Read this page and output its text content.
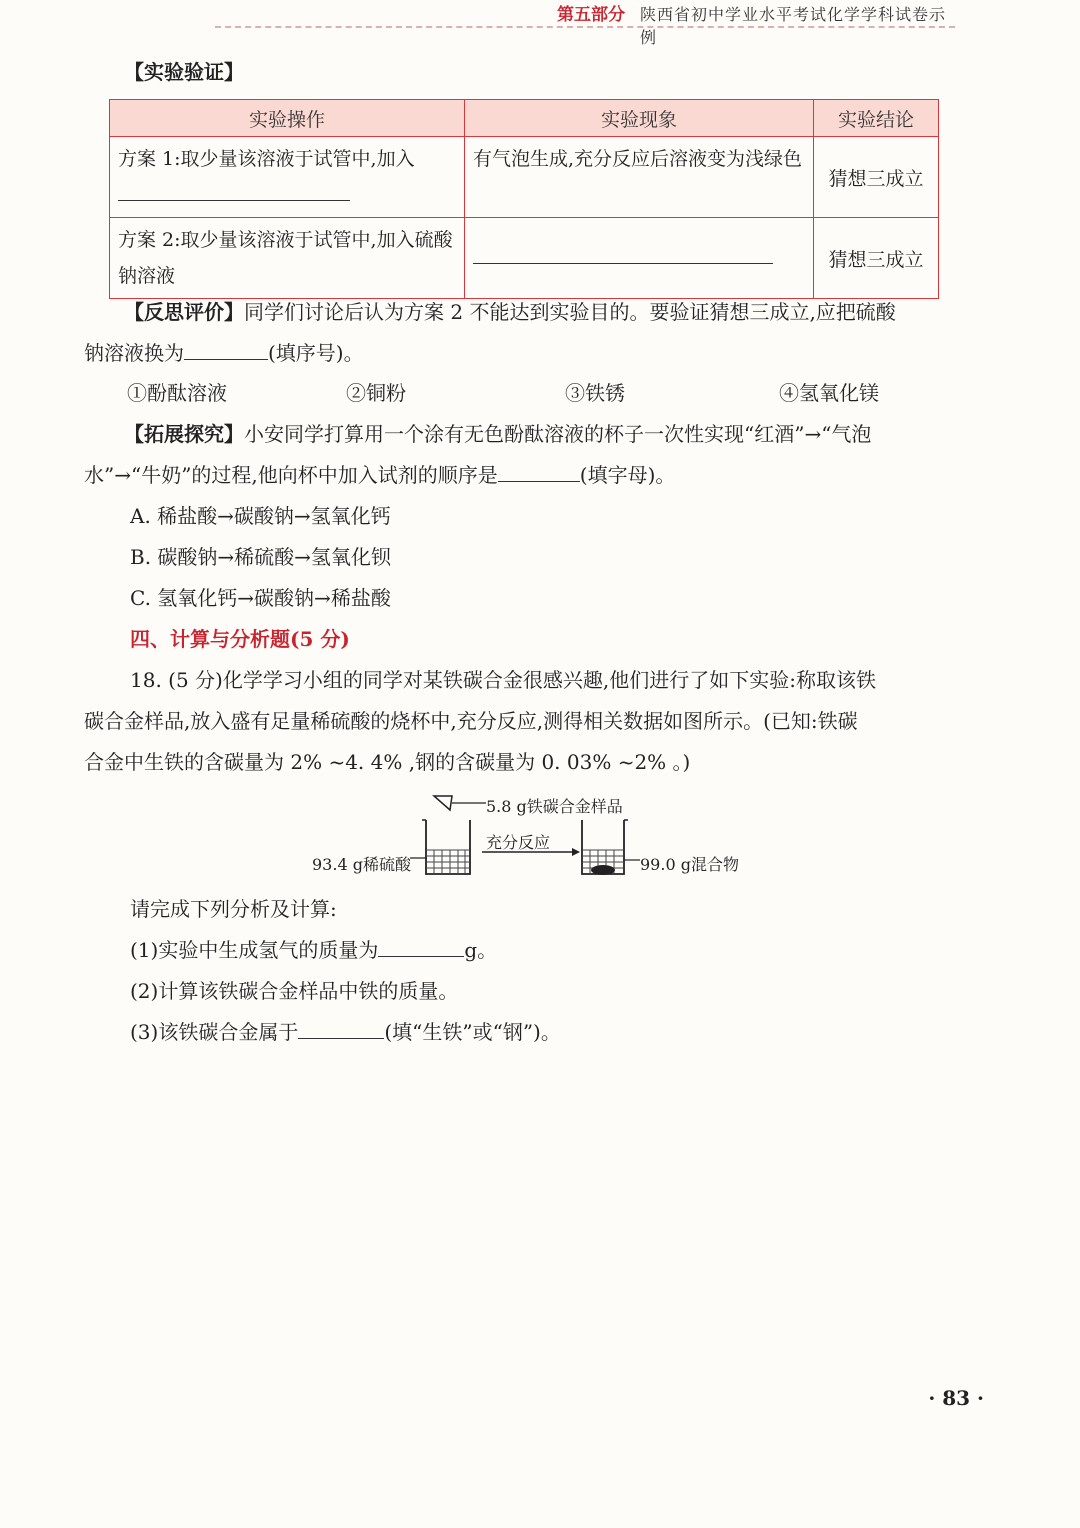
第五部分 陕西省初中学业水平考试化学学科试卷示例
【实验验证】
实验操作	实验现象	实验结论
方案 1:取少量该溶液于试管中,加入	有气泡生成,充分反应后溶液变为浅绿色	猜想三成立
方案 2:取少量该溶液于试管中,加入硫酸钠溶液		猜想三成立
【反思评价】同学们讨论后认为方案 2 不能达到实验目的。要验证猜想三成立,应把硫酸
钠溶液换为	(填序号)。
①酚酞溶液	②铜粉	③铁锈	④氢氧化镁
【拓展探究】小安同学打算用一个涂有无色酚酞溶液的杯子一次性实现“红酒”→“气泡
水”→“牛奶”的过程,他向杯中加入试剂的顺序是	(填字母)。
A. 稀盐酸→碳酸钠→氢氧化钙
B. 碳酸钠→稀硫酸→氢氧化钡
C. 氢氧化钙→碳酸钠→稀盐酸
四、计算与分析题(5 分)
18. (5 分)化学学习小组的同学对某铁碳合金很感兴趣,他们进行了如下实验:称取该铁
碳合金样品,放入盛有足量稀硫酸的烧杯中,充分反应,测得相关数据如图所示。(已知:铁碳
合金中生铁的含碳量为 2% ~4. 4% ,钢的含碳量为 0. 03% ~2% 。)
5.8 g铁碳合金样品
93.4 g稀硫酸
充分反应
99.0 g混合物
请完成下列分析及计算:
(1)实验中生成氢气的质量为	g。
(2)计算该铁碳合金样品中铁的质量。
(3)该铁碳合金属于	(填“生铁”或“钢”)。
· 83 ·
